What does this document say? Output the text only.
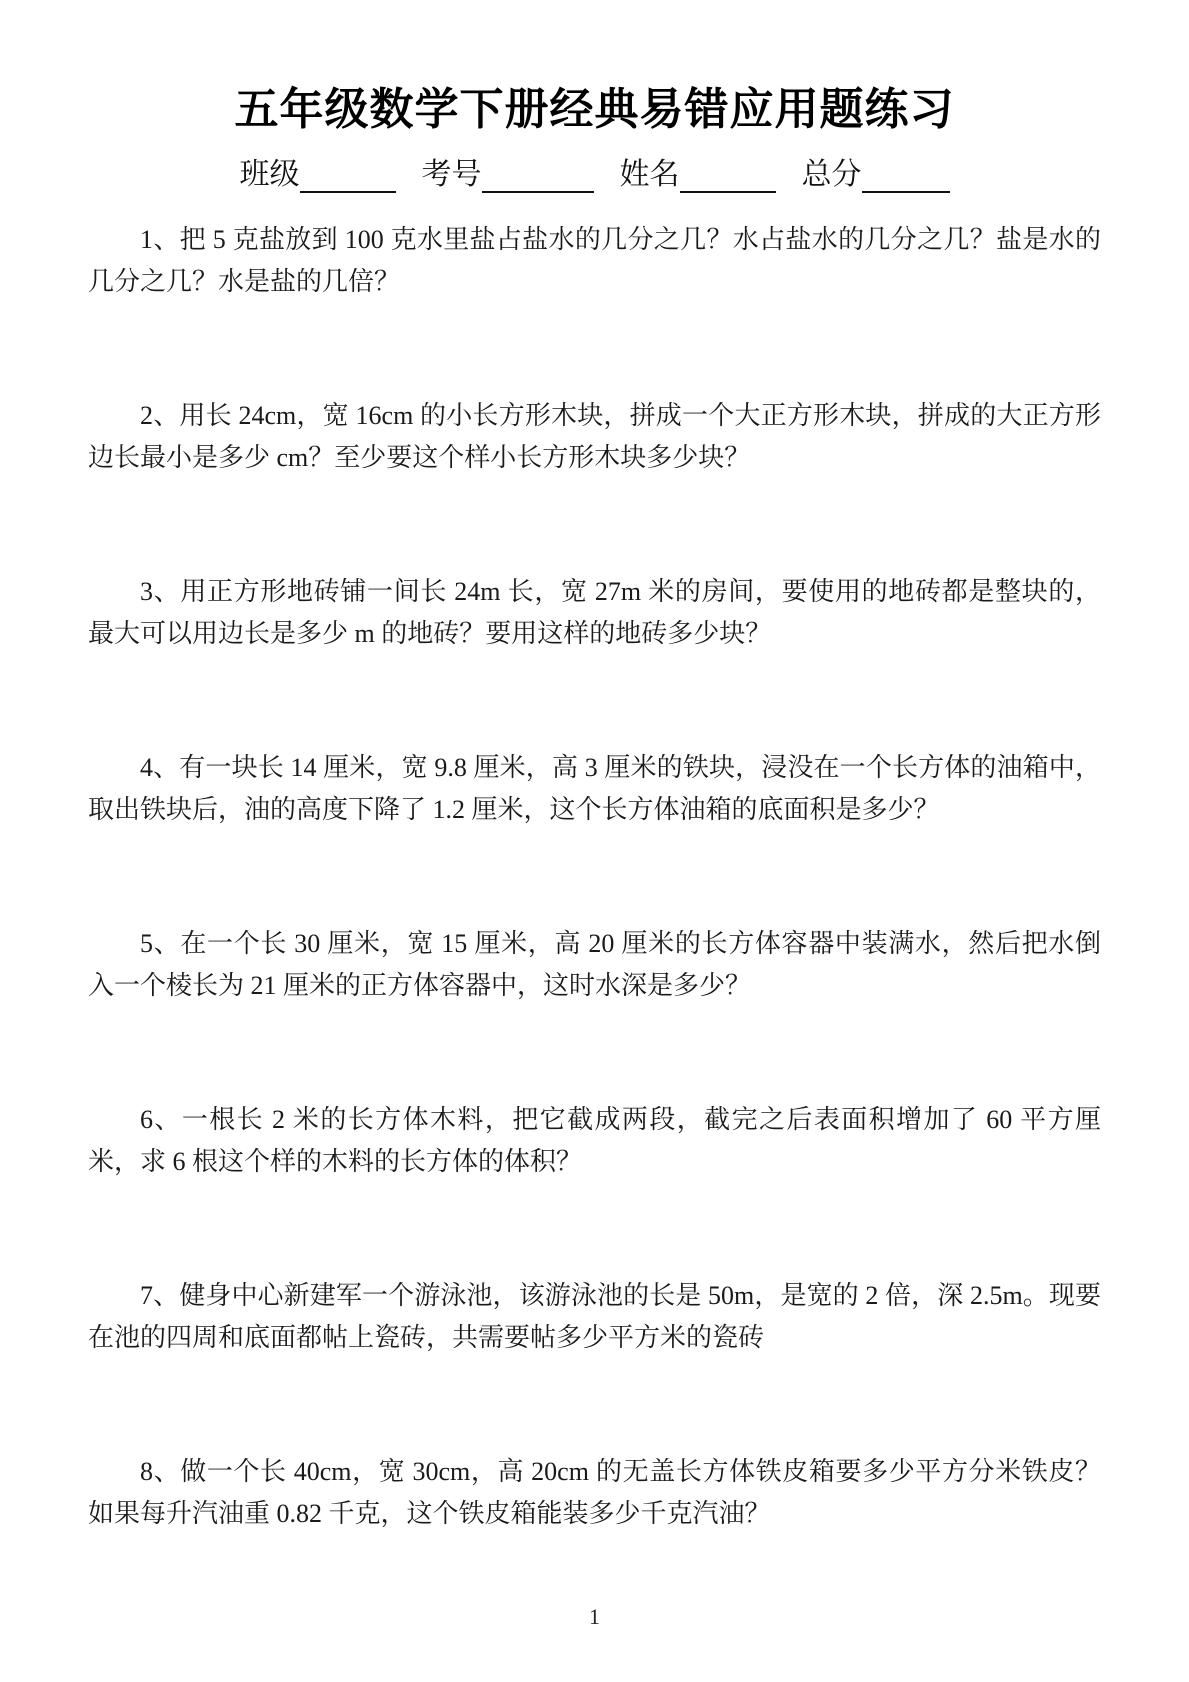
五年级数学下册经典易错应用题练习
班级	考号	姓名	总分

1、把 5 克盐放到 100 克水里盐占盐水的几分之几？水占盐水的几分之几？盐是水的几分之几？水是盐的几倍？

2、用长 24cm，宽 16cm 的小长方形木块，拼成一个大正方形木块，拼成的大正方形边长最小是多少 cm？至少要这个样小长方形木块多少块？

3、用正方形地砖铺一间长 24m 长，宽 27m 米的房间，要使用的地砖都是整块的，最大可以用边长是多少 m 的地砖？要用这样的地砖多少块？

4、有一块长 14 厘米，宽 9.8 厘米，高 3 厘米的铁块，浸没在一个长方体的油箱中，取出铁块后，油的高度下降了 1.2 厘米，这个长方体油箱的底面积是多少？

5、在一个长 30 厘米，宽 15 厘米，高 20 厘米的长方体容器中装满水，然后把水倒入一个棱长为 21 厘米的正方体容器中，这时水深是多少？

6、一根长 2 米的长方体木料，把它截成两段，截完之后表面积增加了 60 平方厘米，求 6 根这个样的木料的长方体的体积？

7、健身中心新建军一个游泳池，该游泳池的长是 50m，是宽的 2 倍，深 2.5m。现要在池的四周和底面都帖上瓷砖，共需要帖多少平方米的瓷砖

8、做一个长 40cm，宽 30cm，高 20cm 的无盖长方体铁皮箱要多少平方分米铁皮？如果每升汽油重 0.82 千克，这个铁皮箱能装多少千克汽油？

1
